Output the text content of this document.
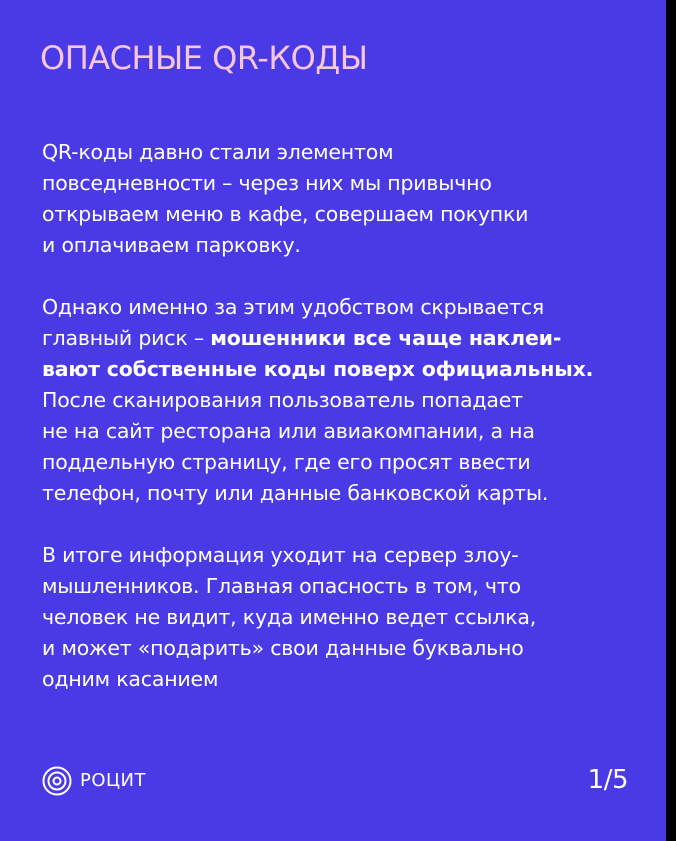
ОПАСНЫЕ QR-КОДЫ

QR-коды давно стали элементом
повседневности – через них мы привычно
открываем меню в кафе, совершаем покупки
и оплачиваем парковку.

Однако именно за этим удобством скрывается
главный риск – мошенники все чаще наклеи-
вают собственные коды поверх официальных.
После сканирования пользователь попадает
не на сайт ресторана или авиакомпании, а на
поддельную страницу, где его просят ввести
телефон, почту или данные банковской карты.

В итоге информация уходит на сервер злоу-
мышленников. Главная опасность в том, что
человек не видит, куда именно ведет ссылка,
и может «подарить» свои данные буквально
одним касанием

РОЦИТ	1/5
